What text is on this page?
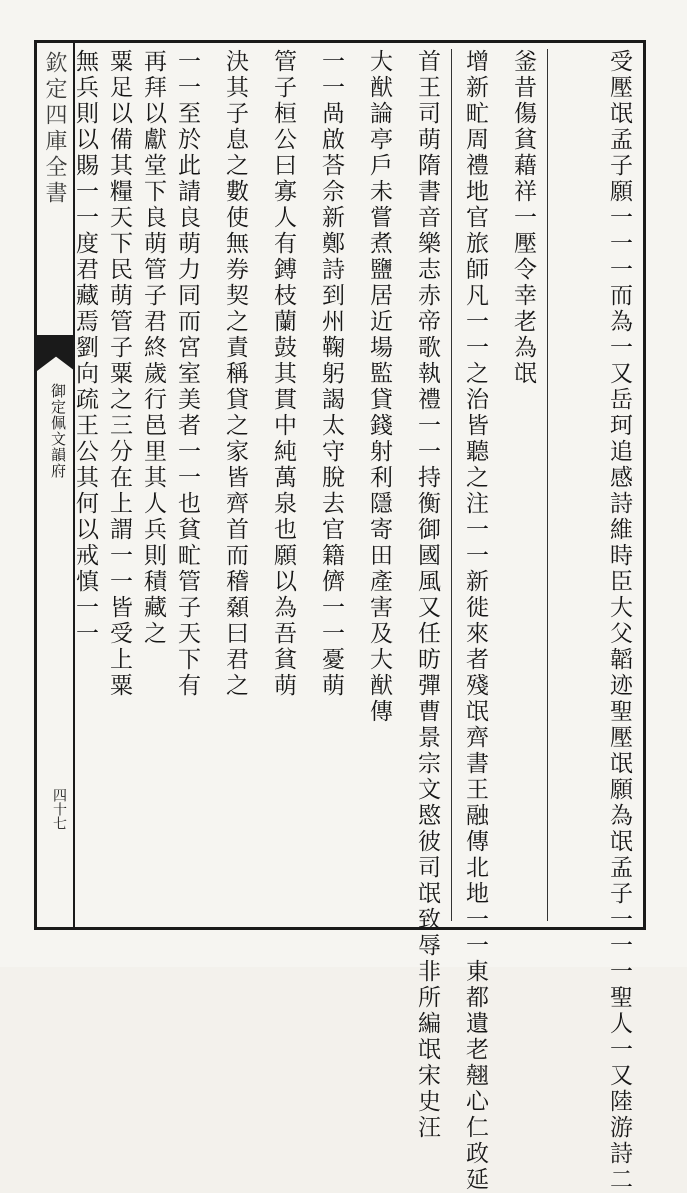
欽定四庫全書
御定佩文韻府
四十七	受壓氓孟子願一一一而為一又岳珂追感詩維時臣大父韜迹聖壓氓願為氓孟子一一一聖人一又陸游詩二
釜昔傷貧藉祥一壓令幸老為氓
增新甿周禮地官旅師凡一一之治皆聽之注一一新徙來者殘氓齊書王融傳北地一一東都遺老翹心仁政延
首王司萌隋書音樂志赤帝歌執禮一一持衡御國風又任昉彈曹景宗文愍彼司氓致辱非所編氓宋史汪
大猷論亭戶未嘗煮鹽居近場監貸錢射利隱寄田產害及大猷傳
一一咼啟荅佘新鄭詩到州鞠躬謁太守脫去官籍儕一一憂萌
管子桓公曰寡人有鎛枝蘭鼓其貫中純萬泉也願以為吾貧萌
決其子息之數使無券契之責稱貸之家皆齊首而稽顙曰君之
一一至於此請良萌力同而宮室美者一一也貧甿管子天下有
再拜以獻堂下良萌管子君終歲行邑里其人兵則積藏之
粟足以備其糧天下民萌管子粟之三分在上謂一一皆受上粟
無兵則以賜一一度君藏焉劉向疏王公其何以戒慎一一
